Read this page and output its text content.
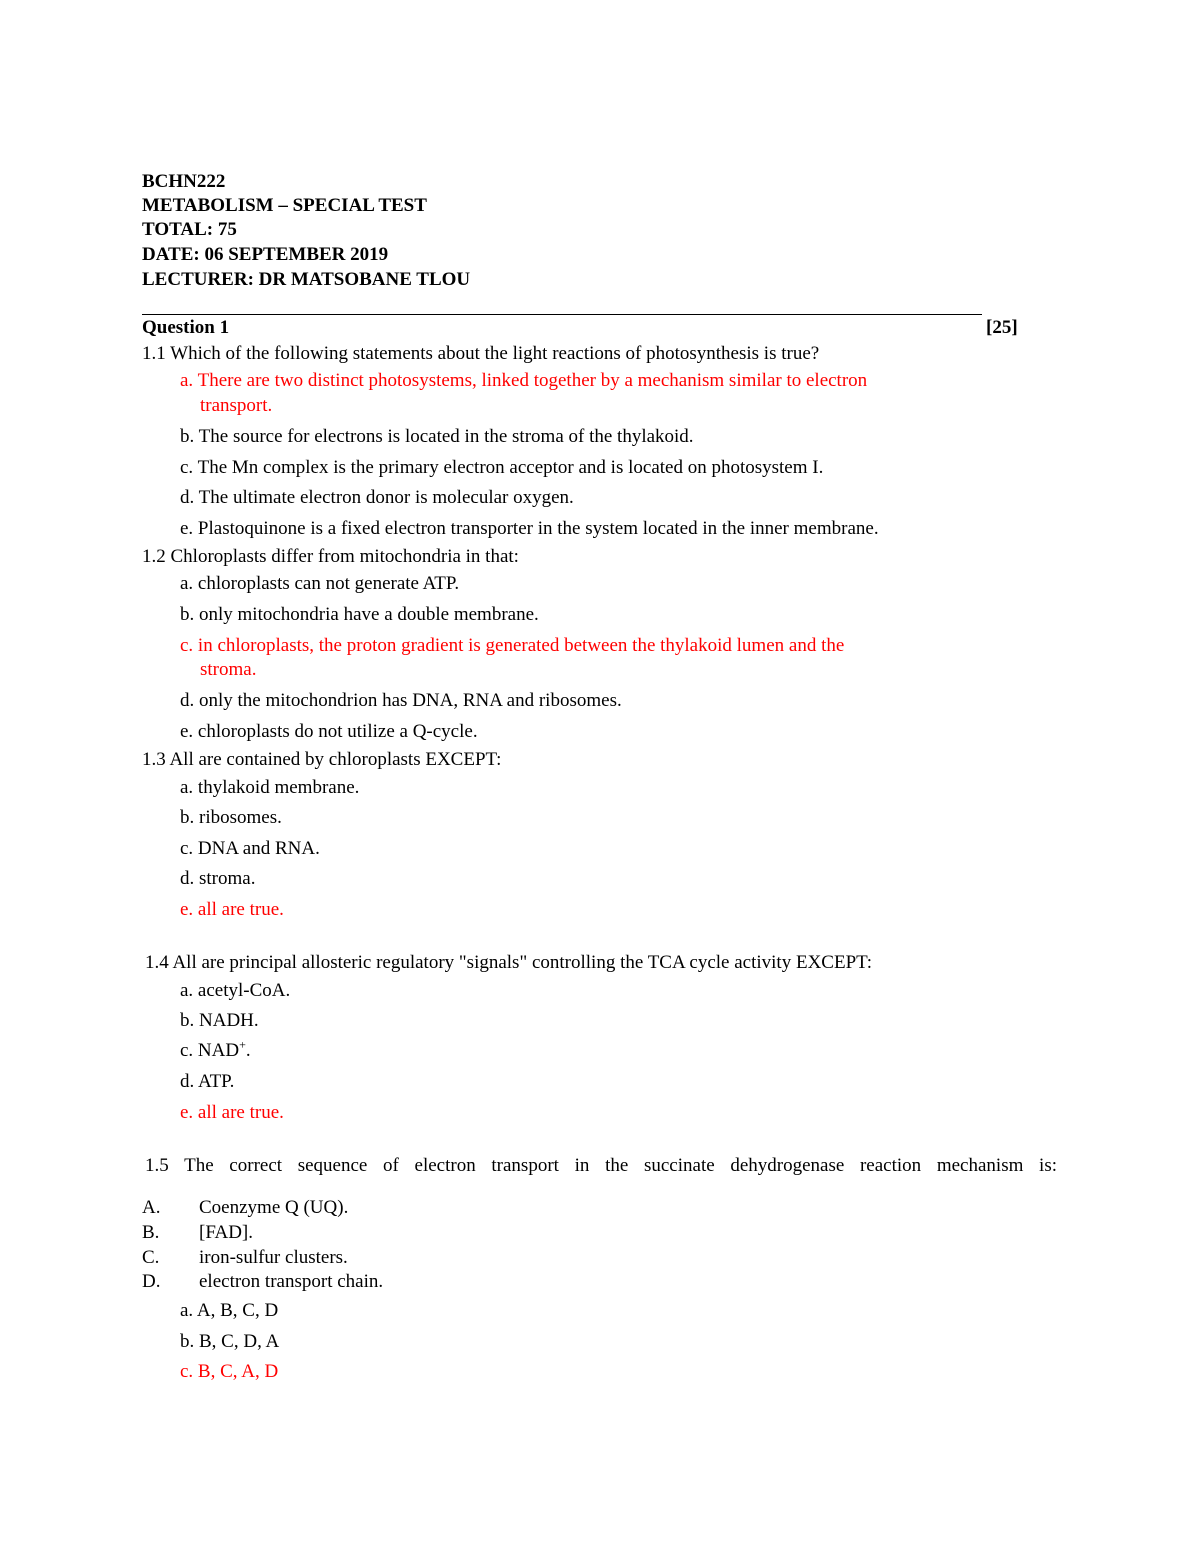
BCHN222
METABOLISM – SPECIAL TEST
TOTAL: 75
DATE: 06 SEPTEMBER 2019
LECTURER: DR MATSOBANE TLOU
Question 1	[25]
1.1 Which of the following statements about the light reactions of photosynthesis is true?
a. There are two distinct photosystems, linked together by a mechanism similar to electron
transport.
b. The source for electrons is located in the stroma of the thylakoid.
c. The Mn complex is the primary electron acceptor and is located on photosystem I.
d. The ultimate electron donor is molecular oxygen.
e. Plastoquinone is a fixed electron transporter in the system located in the inner membrane.
1.2 Chloroplasts differ from mitochondria in that:
a. chloroplasts can not generate ATP.
b. only mitochondria have a double membrane.
c. in chloroplasts, the proton gradient is generated between the thylakoid lumen and the
stroma.
d. only the mitochondrion has DNA, RNA and ribosomes.
e. chloroplasts do not utilize a Q-cycle.
1.3 All are contained by chloroplasts EXCEPT:
a. thylakoid membrane.
b. ribosomes.
c. DNA and RNA.
d. stroma.
e. all are true.
1.4 All are principal allosteric regulatory "signals" controlling the TCA cycle activity EXCEPT:
a. acetyl-CoA.
b. NADH.
c. NAD+.
d. ATP.
e. all are true.
1.5 The correct sequence of electron transport in the succinate dehydrogenase reaction mechanism is:
A. Coenzyme Q (UQ).
B. [FAD].
C. iron-sulfur clusters.
D. electron transport chain.
a. A, B, C, D
b. B, C, D, A
c. B, C, A, D
